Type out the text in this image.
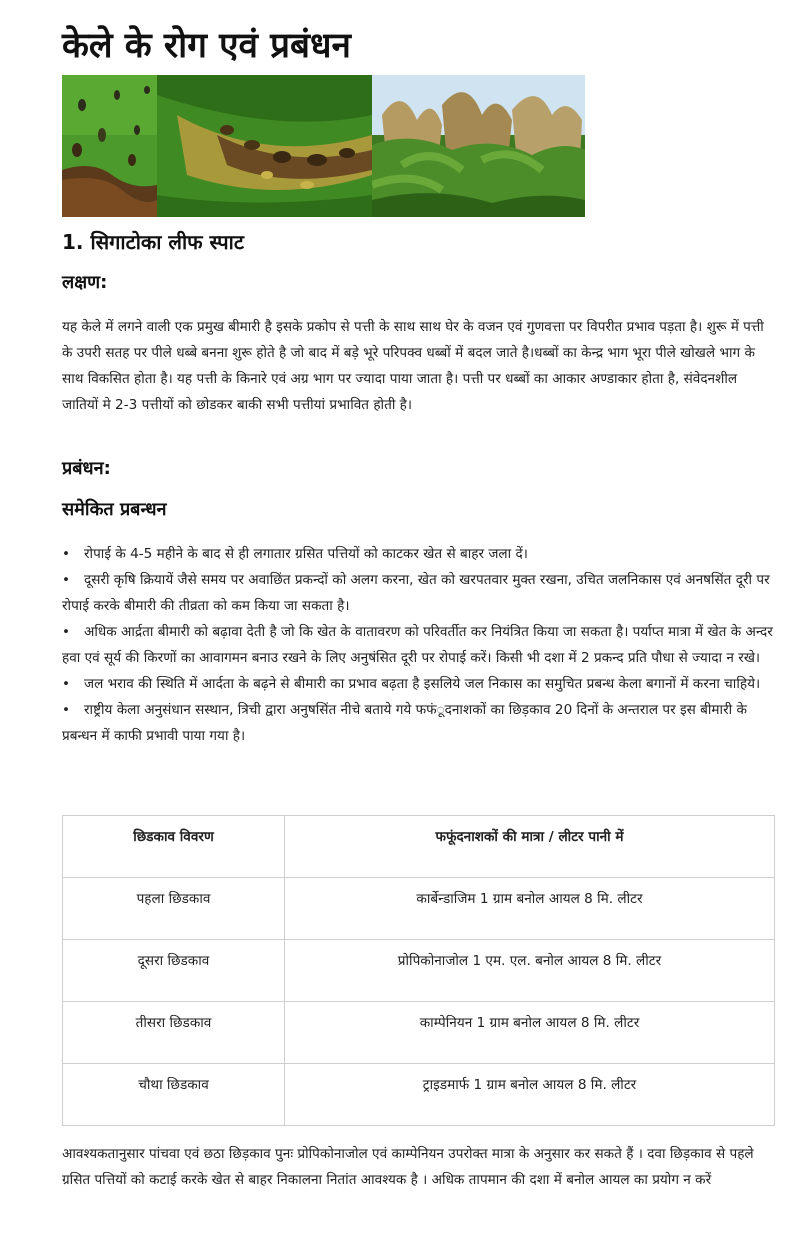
केले के रोग एवं प्रबंधन
1. सिगाटोका लीफ स्पाट
लक्षण:

यह केले में लगने वाली एक प्रमुख बीमारी है इसके प्रकोप से पत्ती के साथ साथ घेर के वजन एवं गुणवत्ता पर विपरीत प्रभाव पड़ता है। शुरू में पत्ती के उपरी सतह पर पीले धब्बे बनना शुरू होते है जो बाद में बड़े भूरे परिपक्व धब्बों में बदल जाते है।धब्बों का केन्द्र भाग भूरा पीले खोखले भाग के साथ विकसित होता है। यह पत्ती के किनारे एवं अग्र भाग पर ज्यादा पाया जाता है। पत्ती पर धब्बों का आकार अण्डाकार होता है, संवेदनशील जातियों मे 2-3 पत्तीयों को छोडकर बाकी सभी पत्तीयां प्रभावित होती है।

प्रबंधन:
समेकित प्रबन्धन
• रोपाई के 4-5 महीने के बाद से ही लगातार ग्रसित पत्तियों को काटकर खेत से बाहर जला दें।
• दूसरी कृषि क्रियायें जैसे समय पर अवाछिंत प्रकन्दों को अलग करना, खेत को खरपतवार मुक्त रखना, उचित जलनिकास एवं अनषसिंत दूरी पर रोपाई करके बीमारी की तीव्रता को कम किया जा सकता है।
• अधिक आर्द्रता बीमारी को बढ़ावा देती है जो कि खेत के वातावरण को परिवर्तीत कर नियंत्रित किया जा सकता है। पर्याप्त मात्रा में खेत के अन्दर हवा एवं सूर्य की किरणों का आवागमन बनाउ रखने के लिए अनुषंसित दूरी पर रोपाई करें। किसी भी दशा में 2 प्रकन्द प्रति पौधा से ज्यादा न रखे।
• जल भराव की स्थिति में आर्दता के बढ़ने से बीमारी का प्रभाव बढ़ता है इसलिये जल निकास का समुचित प्रबन्ध केला बगानों में करना चाहिये।
• राष्ट्रीय केला अनुसंधान सस्थान, त्रिची द्वारा अनुषसिंत नीचे बताये गये फफंूदनाशकों का छिड़काव 20 दिनों के अन्तराल पर इस बीमारी के प्रबन्धन में काफी प्रभावी पाया गया है।
छिडकाव विवरण	फफूंदनाशकों की मात्रा / लीटर पानी में
पहला छिडकाव	कार्बेन्डाजिम 1 ग्राम बनोल आयल 8 मि. लीटर
दूसरा छिडकाव	प्रोपिकोनाजोल 1 एम. एल. बनोल आयल 8 मि. लीटर
तीसरा छिडकाव	काम्पेनियन 1 ग्राम बनोल आयल 8 मि. लीटर
चौथा छिडकाव	ट्राइडमार्फ 1 ग्राम बनोल आयल 8 मि. लीटर

आवश्यकतानुसार पांचवा एवं छठा छिड़काव पुनः प्रोपिकोनाजोल एवं काम्पेनियन उपरोक्त मात्रा के अनुसार कर सकते हैं । दवा छिड़काव से पहले ग्रसित पत्तियों को कटाई करके खेत से बाहर निकालना नितांत आवश्यक है । अधिक तापमान की दशा में बनोल आयल का प्रयोग न करें
